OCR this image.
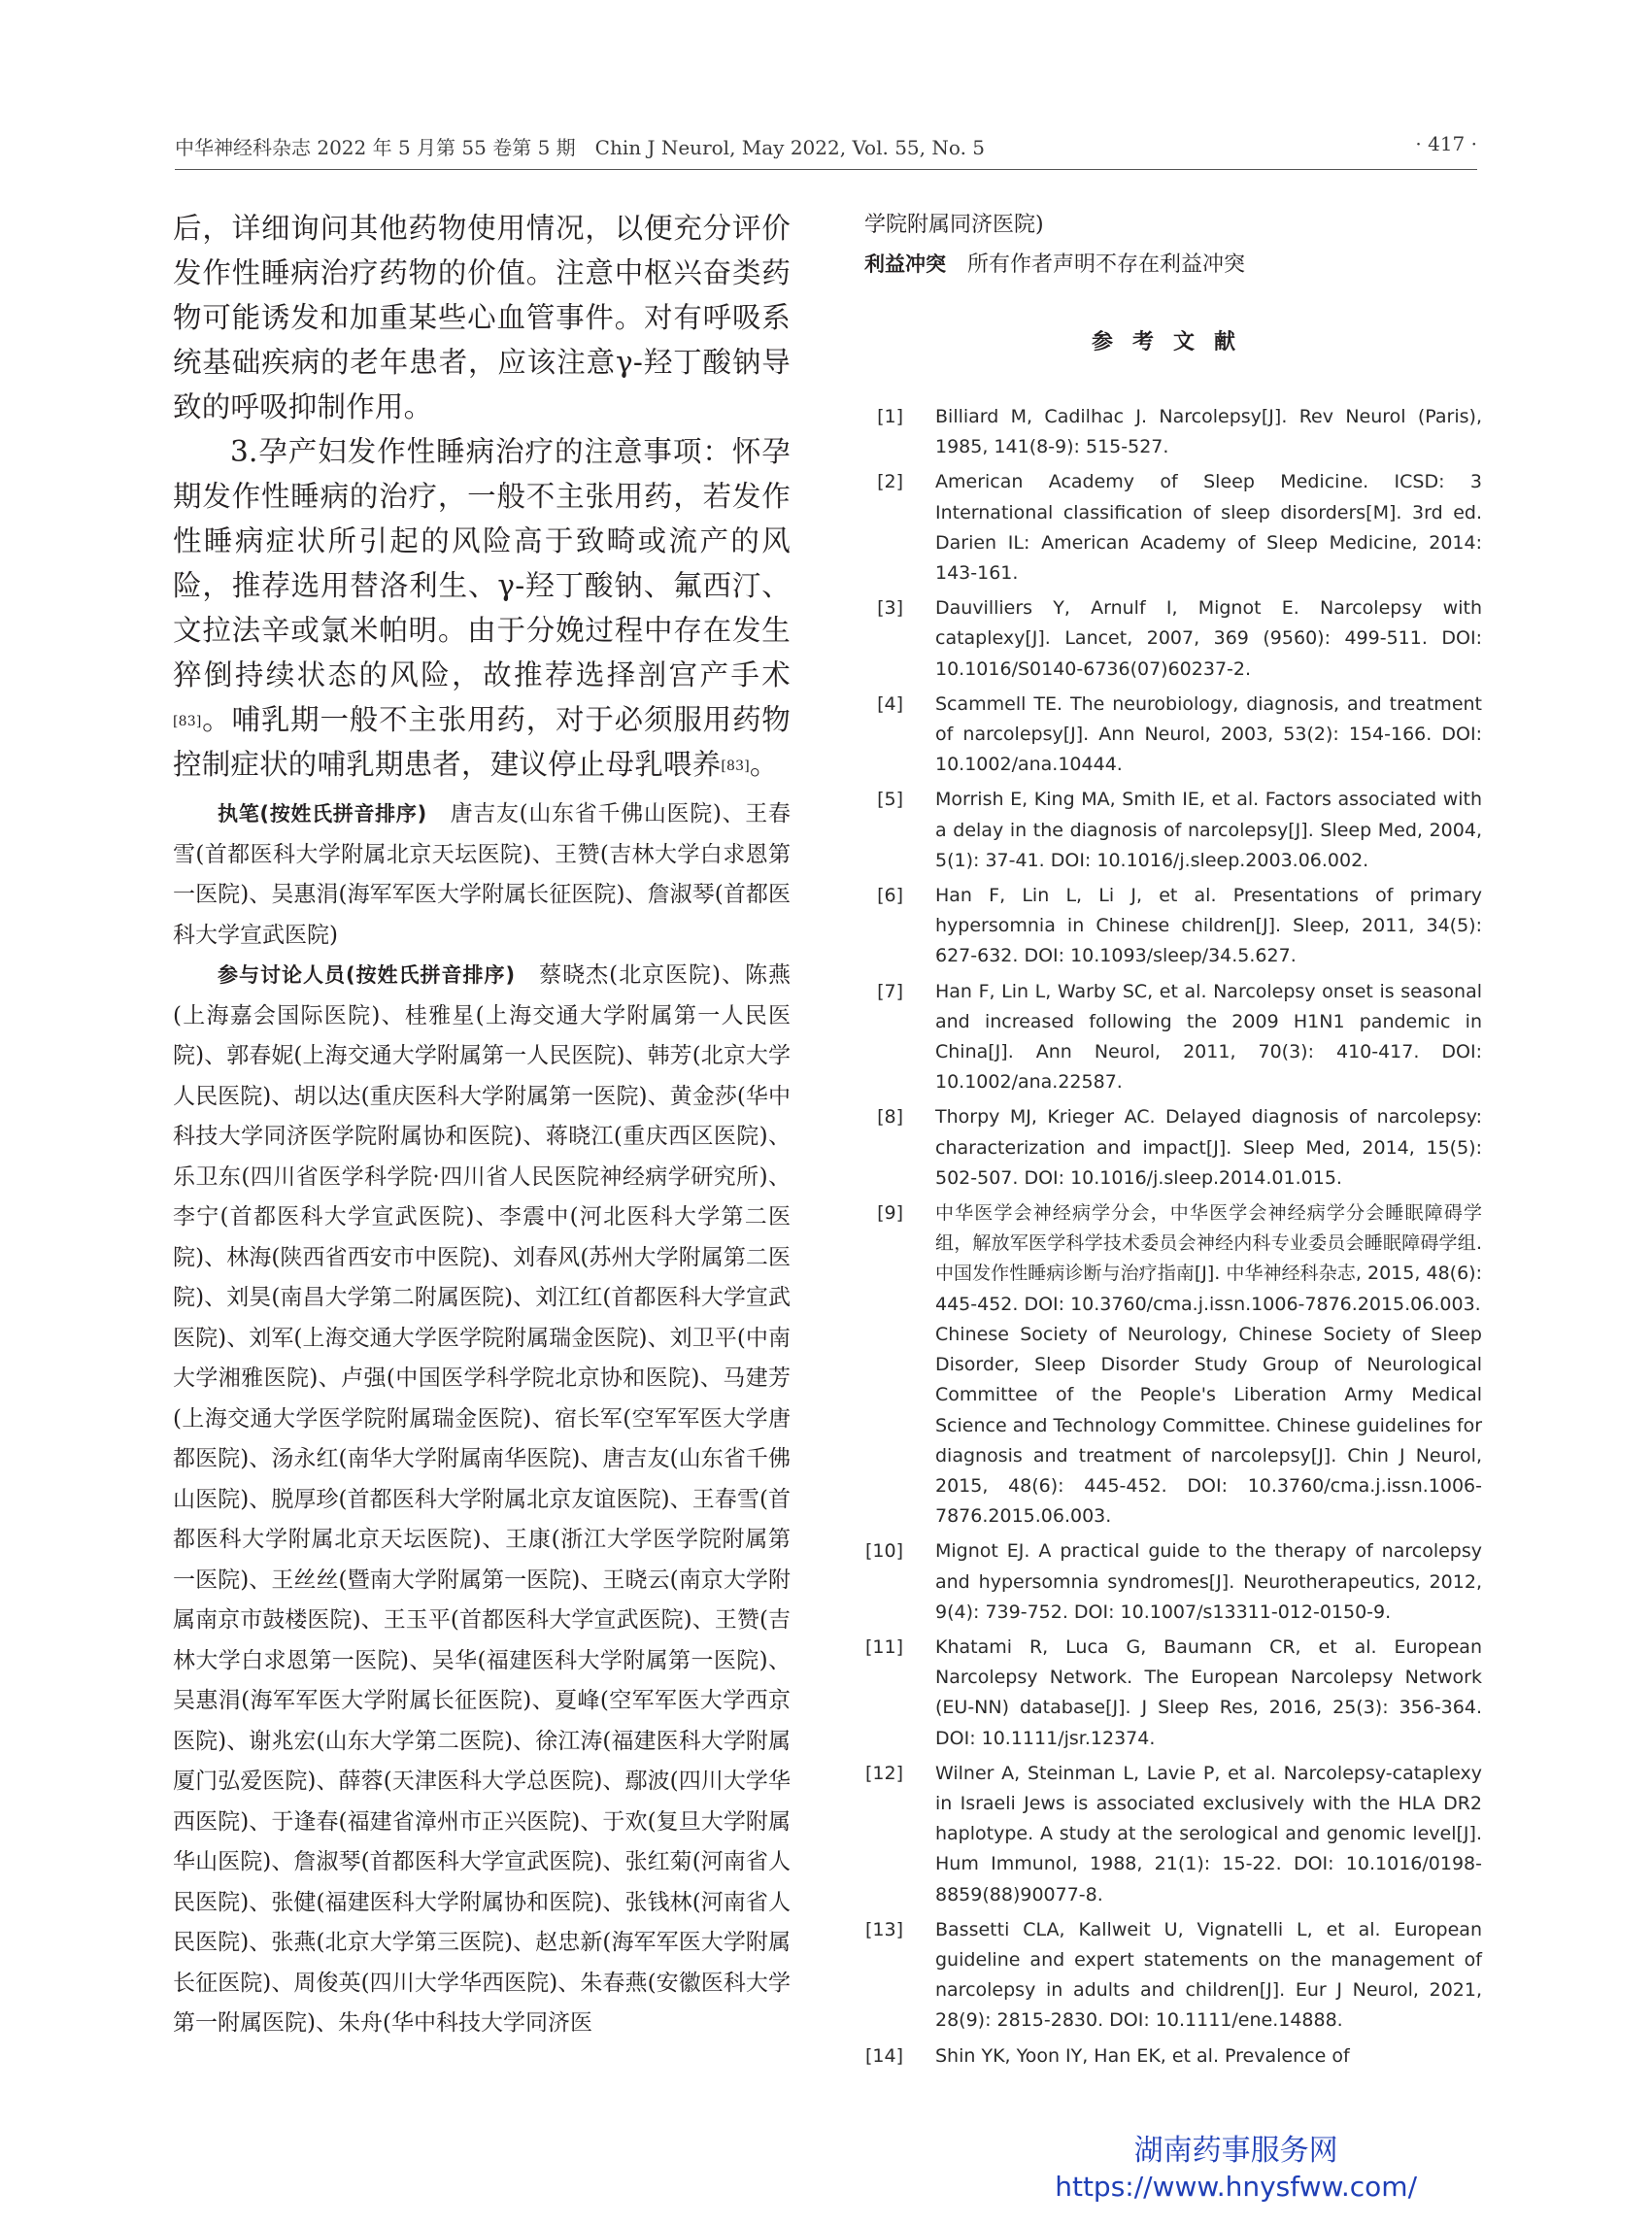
中华神经科杂志 2022 年 5 月第 55 卷第 5 期　Chin J Neurol, May 2022, Vol. 55, No. 5	· 417 ·

后，详细询问其他药物使用情况，以便充分评价发作性睡病治疗药物的价值。注意中枢兴奋类药物可能诱发和加重某些心血管事件。对有呼吸系统基础疾病的老年患者，应该注意γ-羟丁酸钠导致的呼吸抑制作用。

3.孕产妇发作性睡病治疗的注意事项：怀孕期发作性睡病的治疗，一般不主张用药，若发作性睡病症状所引起的风险高于致畸或流产的风险，推荐选用替洛利生、γ-羟丁酸钠、氟西汀、文拉法辛或氯米帕明。由于分娩过程中存在发生猝倒持续状态的风险，故推荐选择剖宫产手术[83]。哺乳期一般不主张用药，对于必须服用药物控制症状的哺乳期患者，建议停止母乳喂养[83]。

执笔(按姓氏拼音排序)　唐吉友(山东省千佛山医院)、王春雪(首都医科大学附属北京天坛医院)、王赞(吉林大学白求恩第一医院)、吴惠涓(海军军医大学附属长征医院)、詹淑琴(首都医科大学宣武医院)

参与讨论人员(按姓氏拼音排序)　蔡晓杰(北京医院)、陈燕(上海嘉会国际医院)、桂雅星(上海交通大学附属第一人民医院)、郭春妮(上海交通大学附属第一人民医院)、韩芳(北京大学人民医院)、胡以达(重庆医科大学附属第一医院)、黄金莎(华中科技大学同济医学院附属协和医院)、蒋晓江(重庆西区医院)、乐卫东(四川省医学科学院·四川省人民医院神经病学研究所)、李宁(首都医科大学宣武医院)、李震中(河北医科大学第二医院)、林海(陕西省西安市中医院)、刘春风(苏州大学附属第二医院)、刘昊(南昌大学第二附属医院)、刘江红(首都医科大学宣武医院)、刘军(上海交通大学医学院附属瑞金医院)、刘卫平(中南大学湘雅医院)、卢强(中国医学科学院北京协和医院)、马建芳(上海交通大学医学院附属瑞金医院)、宿长军(空军军医大学唐都医院)、汤永红(南华大学附属南华医院)、唐吉友(山东省千佛山医院)、脱厚珍(首都医科大学附属北京友谊医院)、王春雪(首都医科大学附属北京天坛医院)、王康(浙江大学医学院附属第一医院)、王丝丝(暨南大学附属第一医院)、王晓云(南京大学附属南京市鼓楼医院)、王玉平(首都医科大学宣武医院)、王赞(吉林大学白求恩第一医院)、吴华(福建医科大学附属第一医院)、吴惠涓(海军军医大学附属长征医院)、夏峰(空军军医大学西京医院)、谢兆宏(山东大学第二医院)、徐江涛(福建医科大学附属厦门弘爱医院)、薛蓉(天津医科大学总医院)、鄢波(四川大学华西医院)、于逢春(福建省漳州市正兴医院)、于欢(复旦大学附属华山医院)、詹淑琴(首都医科大学宣武医院)、张红菊(河南省人民医院)、张健(福建医科大学附属协和医院)、张钱林(河南省人民医院)、张燕(北京大学第三医院)、赵忠新(海军军医大学附属长征医院)、周俊英(四川大学华西医院)、朱春燕(安徽医科大学第一附属医院)、朱舟(华中科技大学同济医

学院附属同济医院)

利益冲突　所有作者声明不存在利益冲突

参考文献
[1] Billiard M, Cadilhac J. Narcolepsy[J]. Rev Neurol (Paris), 1985, 141(8-9): 515-527.
[2] American Academy of Sleep Medicine. ICSD: 3 International classification of sleep disorders[M]. 3rd ed. Darien IL: American Academy of Sleep Medicine, 2014: 143-161.
[3] Dauvilliers Y, Arnulf I, Mignot E. Narcolepsy with cataplexy[J]. Lancet, 2007, 369 (9560): 499-511. DOI: 10.1016/S0140-6736(07)60237-2.
[4] Scammell TE. The neurobiology, diagnosis, and treatment of narcolepsy[J]. Ann Neurol, 2003, 53(2): 154-166. DOI: 10.1002/ana.10444.
[5] Morrish E, King MA, Smith IE, et al. Factors associated with a delay in the diagnosis of narcolepsy[J]. Sleep Med, 2004, 5(1): 37-41. DOI: 10.1016/j.sleep.2003.06.002.
[6] Han F, Lin L, Li J, et al. Presentations of primary hypersomnia in Chinese children[J]. Sleep, 2011, 34(5): 627-632. DOI: 10.1093/sleep/34.5.627.
[7] Han F, Lin L, Warby SC, et al. Narcolepsy onset is seasonal and increased following the 2009 H1N1 pandemic in China[J]. Ann Neurol, 2011, 70(3): 410-417. DOI: 10.1002/ana.22587.
[8] Thorpy MJ, Krieger AC. Delayed diagnosis of narcolepsy: characterization and impact[J]. Sleep Med, 2014, 15(5): 502-507. DOI: 10.1016/j.sleep.2014.01.015.
[9] 中华医学会神经病学分会，中华医学会神经病学分会睡眠障碍学组，解放军医学科学技术委员会神经内科专业委员会睡眠障碍学组. 中国发作性睡病诊断与治疗指南[J]. 中华神经科杂志, 2015, 48(6): 445-452. DOI: 10.3760/cma.j.issn.1006-7876.2015.06.003.
Chinese Society of Neurology, Chinese Society of Sleep Disorder, Sleep Disorder Study Group of Neurological Committee of the People's Liberation Army Medical Science and Technology Committee. Chinese guidelines for diagnosis and treatment of narcolepsy[J]. Chin J Neurol, 2015, 48(6): 445-452. DOI: 10.3760/cma.j.issn.1006-7876.2015.06.003.
[10] Mignot EJ. A practical guide to the therapy of narcolepsy and hypersomnia syndromes[J]. Neurotherapeutics, 2012, 9(4): 739-752. DOI: 10.1007/s13311-012-0150-9.
[11] Khatami R, Luca G, Baumann CR, et al. European Narcolepsy Network. The European Narcolepsy Network (EU-NN) database[J]. J Sleep Res, 2016, 25(3): 356-364. DOI: 10.1111/jsr.12374.
[12] Wilner A, Steinman L, Lavie P, et al. Narcolepsy-cataplexy in Israeli Jews is associated exclusively with the HLA DR2 haplotype. A study at the serological and genomic level[J]. Hum Immunol, 1988, 21(1): 15-22. DOI: 10.1016/0198-8859(88)90077-8.
[13] Bassetti CLA, Kallweit U, Vignatelli L, et al. European guideline and expert statements on the management of narcolepsy in adults and children[J]. Eur J Neurol, 2021, 28(9): 2815-2830. DOI: 10.1111/ene.14888.
[14] Shin YK, Yoon IY, Han EK, et al. Prevalence of
湖南药事服务网
https://www.hnysfww.com/
